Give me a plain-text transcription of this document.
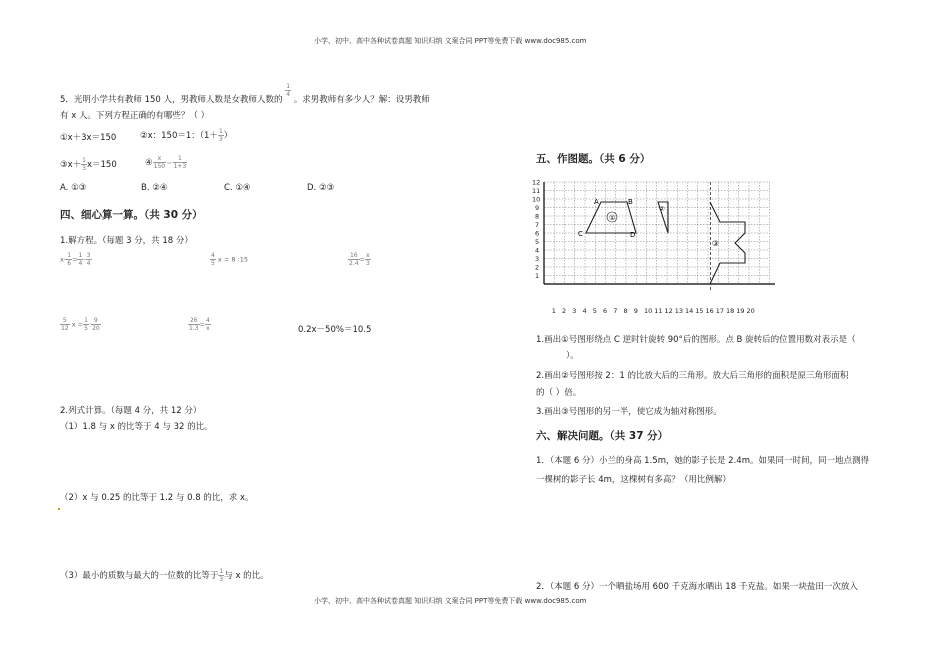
小学、初中、高中各种试卷真题 知识归纳 文案合同 PPT等免费下载 www.doc985.com
小学、初中、高中各种试卷真题 知识归纳 文案合同 PPT等免费下载 www.doc985.com
5．光明小学共有教师 150 人，男教师人数是女教师人数的
$\frac{1}{4}$
。求男教师有多少人？解：设男教师
有 x 人。下列方程正确的有哪些？（ ）
①x＋3x＝150	②x：150＝1：（$1+ \frac{1}{3}$ ）
③x＋ $\frac{1}{3} x=150$	④ $\frac{x}{150} = \frac{1}{1+3}$
A. ①③	B. ②④	C. ①④	D. ②③
四、细心算一算。（共 30 分）
1.解方程。（每题 3 分，共 18 分）
$x- \frac{1}{6} = \frac{1}{4} - \frac{3}{4}$	$\frac{4}{5}$ x = 8 :15	$\frac{16}{2.4} = \frac{x}{3}$
$\frac{5}{12}$ $x = \frac{1}{5}$ : $\frac{9}{20}$	$\frac{26}{1.3} = \frac{4}{x}$	0.2x－50%＝10.5
2.列式计算。（每题 4 分，共 12 分）
（1）1.8 与 x 的比等于 4 与 32 的比。
（2）x 与 0.25 的比等于 1.2 与 0.8 的比，求 x。
（3）最小的质数与最大的一位数的比等于 $\frac{1}{3}$ 与 x 的比。
五、作图题。（共 6 分）
1 2 3 4 5 6 7 8 9 10 11 12 13 14 15 16 17 18 19 20
1
2
3
4
5
6
7
8
9
10
11
12
A	B
C	D
①
②
③
1.画出①号图形绕点 C 逆时针旋转 90°后的图形。点 B 旋转后的位置用数对表示是（
）。
2.画出②号图形按 2：1 的比放大后的三角形。放大后三角形的面积是原三角形面积
的（ ）倍。
3.画出③号图形的另一半，使它成为轴对称图形。
六、解决问题。（共 37 分）
1．（本题 6 分）小兰的身高 1.5m，她的影子长是 2.4m。如果同一时间，同一地点测得
一棵树的影子长 4m，这棵树有多高？（用比例解）
2．（本题 6 分）一个晒盐场用 600 千克海水晒出 18 千克盐。如果一块盐田一次放入
